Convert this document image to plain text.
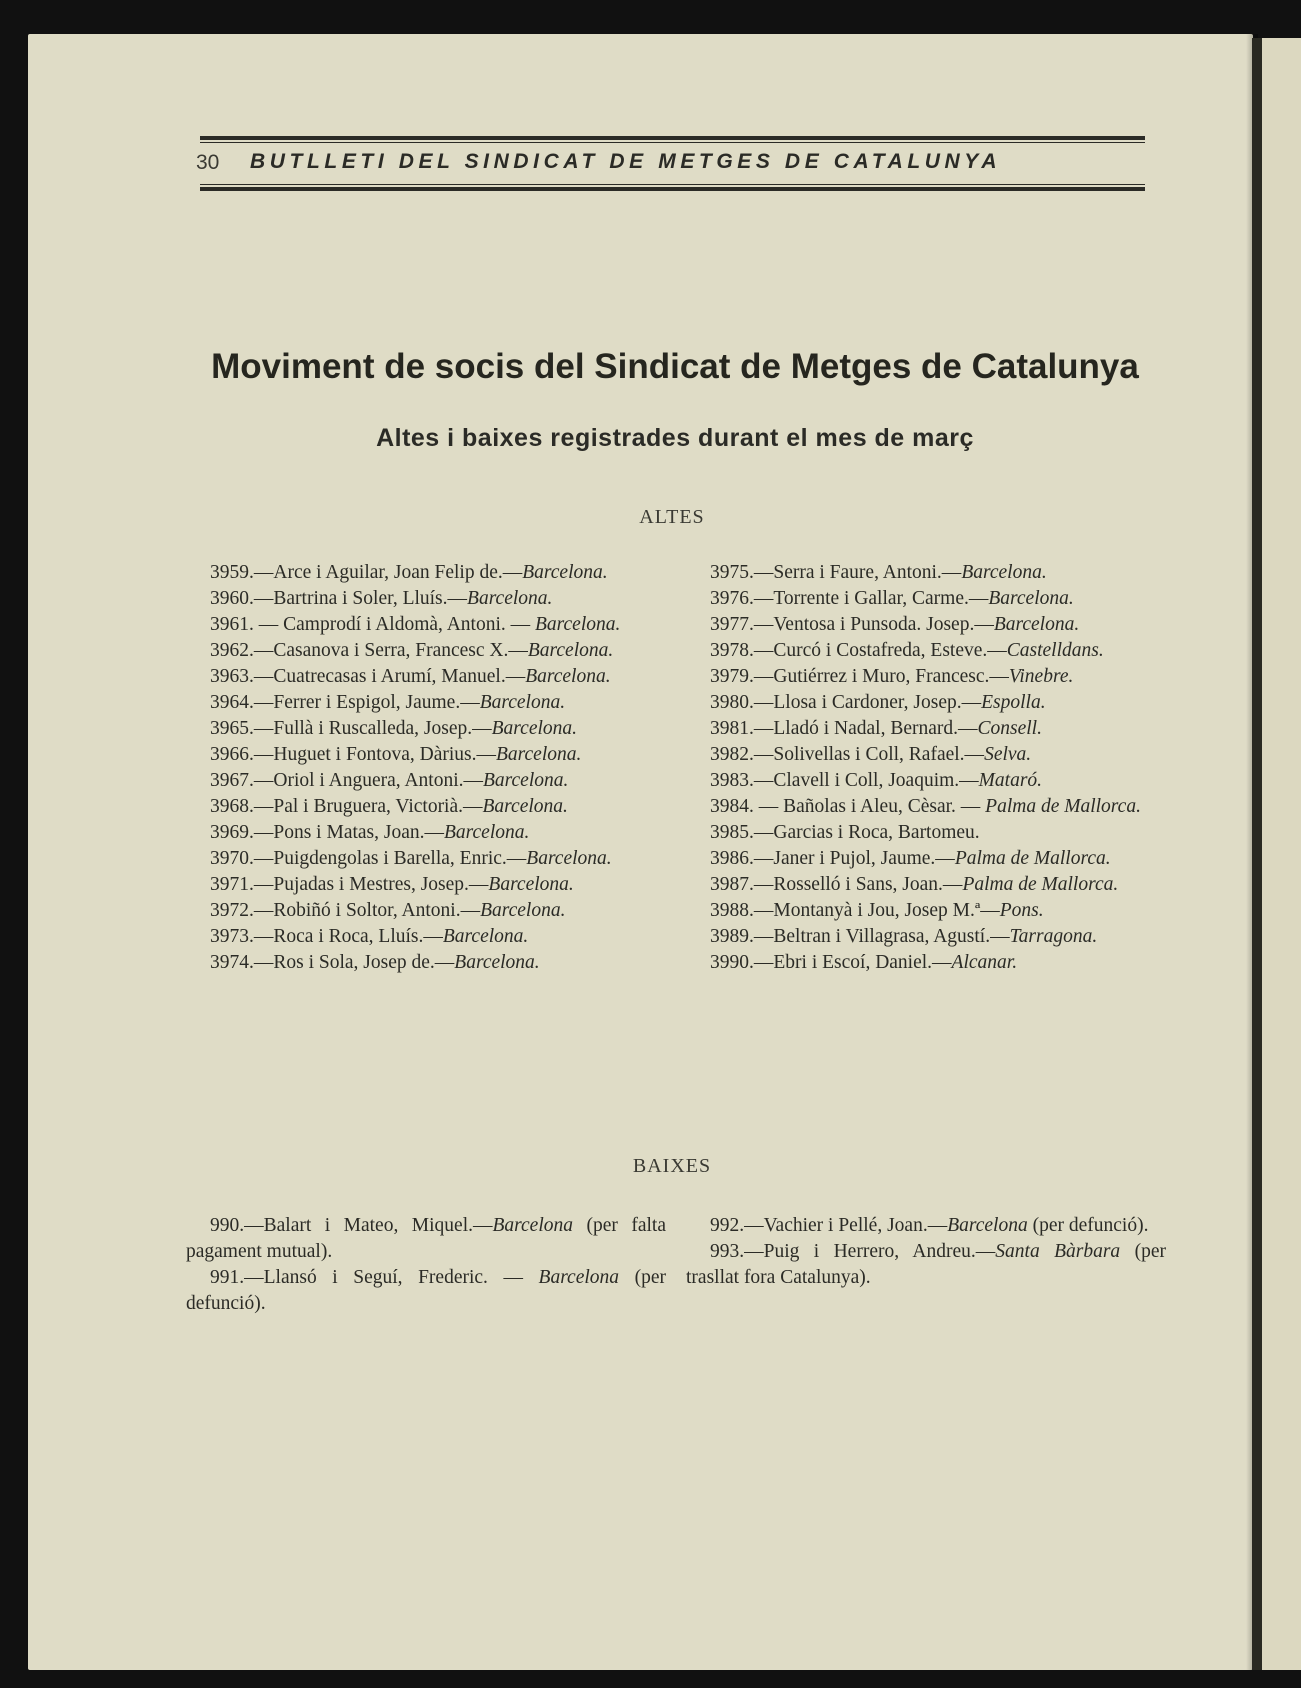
30 BUTLLETI DEL SINDICAT DE METGES DE CATALUNYA
Moviment de socis del Sindicat de Metges de Catalunya
Altes i baixes registrades durant el mes de març
ALTES

3959.—Arce i Aguilar, Joan Felip de.—Barcelona.

3960.—Bartrina i Soler, Lluís.—Barcelona.

3961. — Camprodí i Aldomà, Antoni. — Barcelona.

3962.—Casanova i Serra, Francesc X.—Barcelona.

3963.—Cuatrecasas i Arumí, Manuel.—Barcelona.

3964.—Ferrer i Espigol, Jaume.—Barcelona.

3965.—Fullà i Ruscalleda, Josep.—Barcelona.

3966.—Huguet i Fontova, Dàrius.—Barcelona.

3967.—Oriol i Anguera, Antoni.—Barcelona.

3968.—Pal i Bruguera, Victorià.—Barcelona.

3969.—Pons i Matas, Joan.—Barcelona.

3970.—Puigdengolas i Barella, Enric.—Barcelona.

3971.—Pujadas i Mestres, Josep.—Barcelona.

3972.—Robiñó i Soltor, Antoni.—Barcelona.

3973.—Roca i Roca, Lluís.—Barcelona.

3974.—Ros i Sola, Josep de.—Barcelona.

3975.—Serra i Faure, Antoni.—Barcelona.

3976.—Torrente i Gallar, Carme.—Barcelona.

3977.—Ventosa i Punsoda. Josep.—Barcelona.

3978.—Curcó i Costafreda, Esteve.—Castelldans.

3979.—Gutiérrez i Muro, Francesc.—Vinebre.

3980.—Llosa i Cardoner, Josep.—Espolla.

3981.—Lladó i Nadal, Bernard.—Consell.

3982.—Solivellas i Coll, Rafael.—Selva.

3983.—Clavell i Coll, Joaquim.—Mataró.

3984. — Bañolas i Aleu, Cèsar. — Palma de Mallorca.

3985.—Garcias i Roca, Bartomeu.

3986.—Janer i Pujol, Jaume.—Palma de Mallorca.

3987.—Rosselló i Sans, Joan.—Palma de Mallorca.

3988.—Montanyà i Jou, Josep M.ª—Pons.

3989.—Beltran i Villagrasa, Agustí.—Tarragona.

3990.—Ebri i Escoí, Daniel.—Alcanar.

BAIXES

990.—Balart i Mateo, Miquel.—Barcelona (per falta pagament mutual).

991.—Llansó i Seguí, Frederic. — Barcelona (per defunció).

992.—Vachier i Pellé, Joan.—Barcelona (per defunció).

993.—Puig i Herrero, Andreu.—Santa Bàrbara (per trasllat fora Catalunya).
